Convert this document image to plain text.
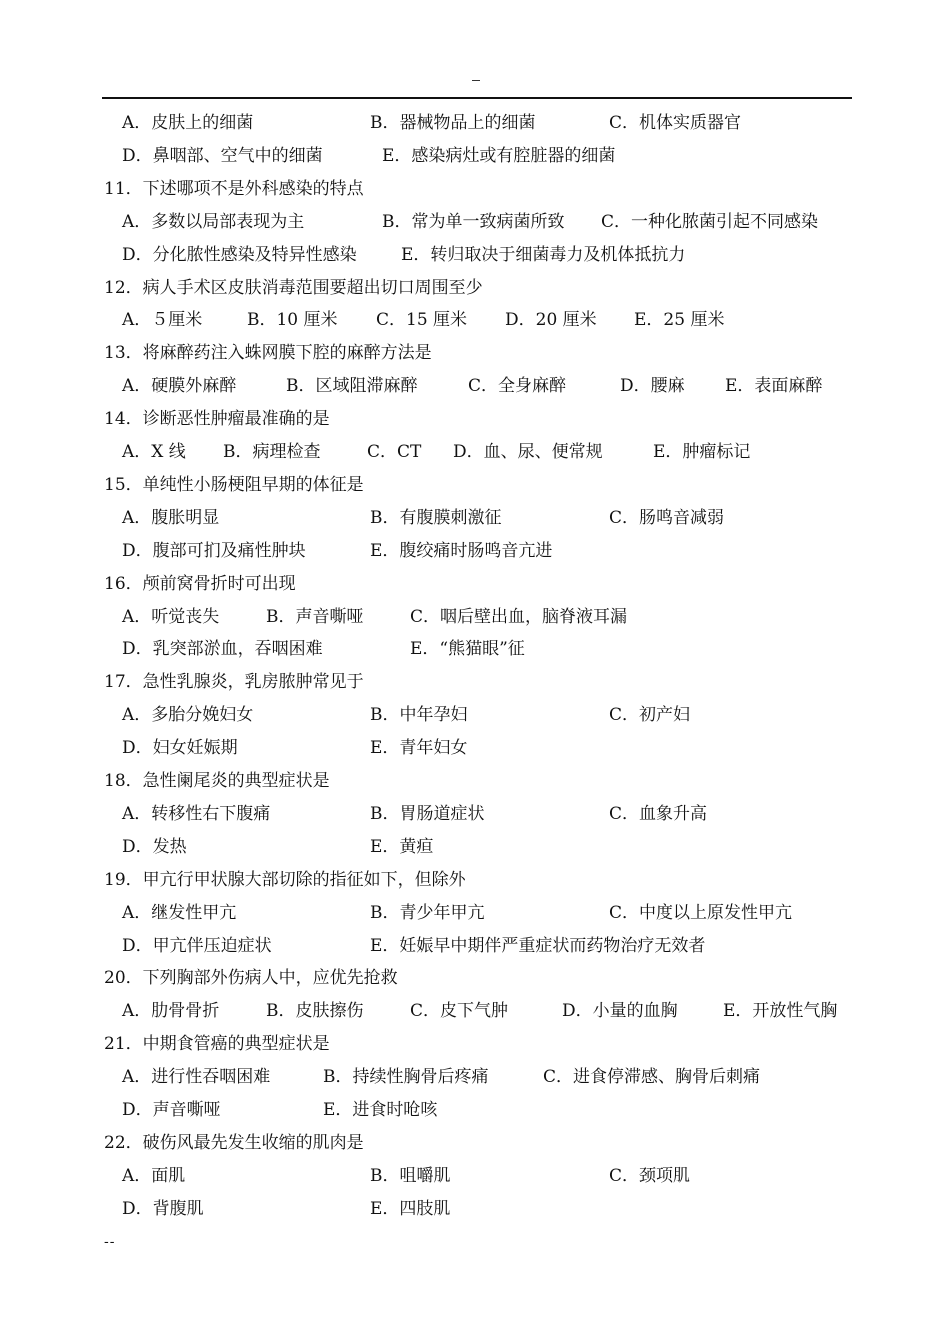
A．皮肤上的细菌	B．器械物品上的细菌	C．机体实质器官
D．鼻咽部、空气中的细菌	E．感染病灶或有腔脏器的细菌
11．下述哪项不是外科感染的特点
A．多数以局部表现为主	B．常为单一致病菌所致 C．一种化脓菌引起不同感染
D．分化脓性感染及特异性感染	E．转归取决于细菌毒力及机体抵抗力
12．病人手术区皮肤消毒范围要超出切口周围至少
A．５厘米	B．10 厘米 C．15 厘米 D．20 厘米 E．25 厘米
13．将麻醉药注入蛛网膜下腔的麻醉方法是
A．硬膜外麻醉	B．区域阻滞麻醉	C．全身麻醉	D．腰麻 E．表面麻醉
14．诊断恶性肿瘤最准确的是
A．X 线 B．病理检查	C．CT D．血、尿、便常规	E．肿瘤标记
15．单纯性小肠梗阻早期的体征是
A．腹胀明显	B．有腹膜刺激征	C．肠鸣音减弱
D．腹部可扪及痛性肿块	E．腹绞痛时肠鸣音亢进
16．颅前窝骨折时可出现
A．听觉丧失	B．声音嘶哑	C．咽后壁出血，脑脊液耳漏
D．乳突部淤血，吞咽困难	E．“熊猫眼”征
17．急性乳腺炎，乳房脓肿常见于
A．多胎分娩妇女	B．中年孕妇	C．初产妇
D．妇女妊娠期	E．青年妇女
18．急性阑尾炎的典型症状是
A．转移性右下腹痛	B．胃肠道症状	C．血象升高
D．发热	E．黄疸
19．甲亢行甲状腺大部切除的指征如下，但除外
A．继发性甲亢	B．青少年甲亢	C．中度以上原发性甲亢
D．甲亢伴压迫症状	E．妊娠早中期伴严重症状而药物治疗无效者
20．下列胸部外伤病人中，应优先抢救
A．肋骨骨折	B．皮肤擦伤	C．皮下气肿	D．小量的血胸	E．开放性气胸
21．中期食管癌的典型症状是
A．进行性吞咽困难	B．持续性胸骨后疼痛	C．进食停滞感、胸骨后刺痛
D．声音嘶哑	E．进食时呛咳
22．破伤风最先发生收缩的肌肉是
A．面肌	B．咀嚼肌	C．颈项肌
D．背腹肌	E．四肢肌
--
